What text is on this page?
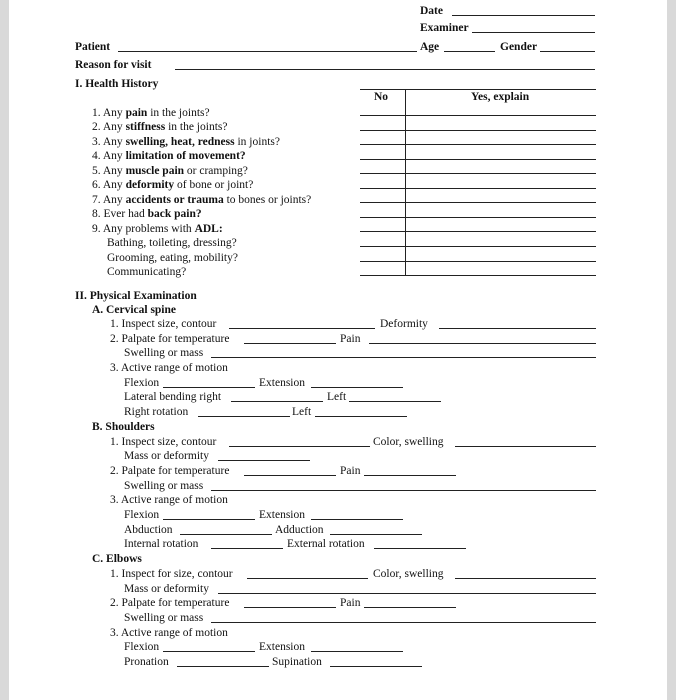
Date
Examiner
Patient	Age	Gender
Reason for visit
I. Health History
No	Yes, explain
1. Any pain in the joints?
2. Any stiffness in the joints?
3. Any swelling, heat, redness in joints?
4. Any limitation of movement?
5. Any muscle pain or cramping?
6. Any deformity of bone or joint?
7. Any accidents or trauma to bones or joints?
8. Ever had back pain?
9. Any problems with ADL:
Bathing, toileting, dressing?
Grooming, eating, mobility?
Communicating?
II. Physical Examination
A. Cervical spine
1. Inspect size, contour	Deformity
2. Palpate for temperature	Pain
Swelling or mass
3. Active range of motion
Flexion	Extension
Lateral bending right	Left
Right rotation	Left
B. Shoulders
1. Inspect size, contour	Color, swelling
Mass or deformity
2. Palpate for temperature	Pain
Swelling or mass
3. Active range of motion
Flexion	Extension
Abduction	Adduction
Internal rotation	External rotation
C. Elbows
1. Inspect for size, contour	Color, swelling
Mass or deformity
2. Palpate for temperature	Pain
Swelling or mass
3. Active range of motion
Flexion	Extension
Pronation	Supination
